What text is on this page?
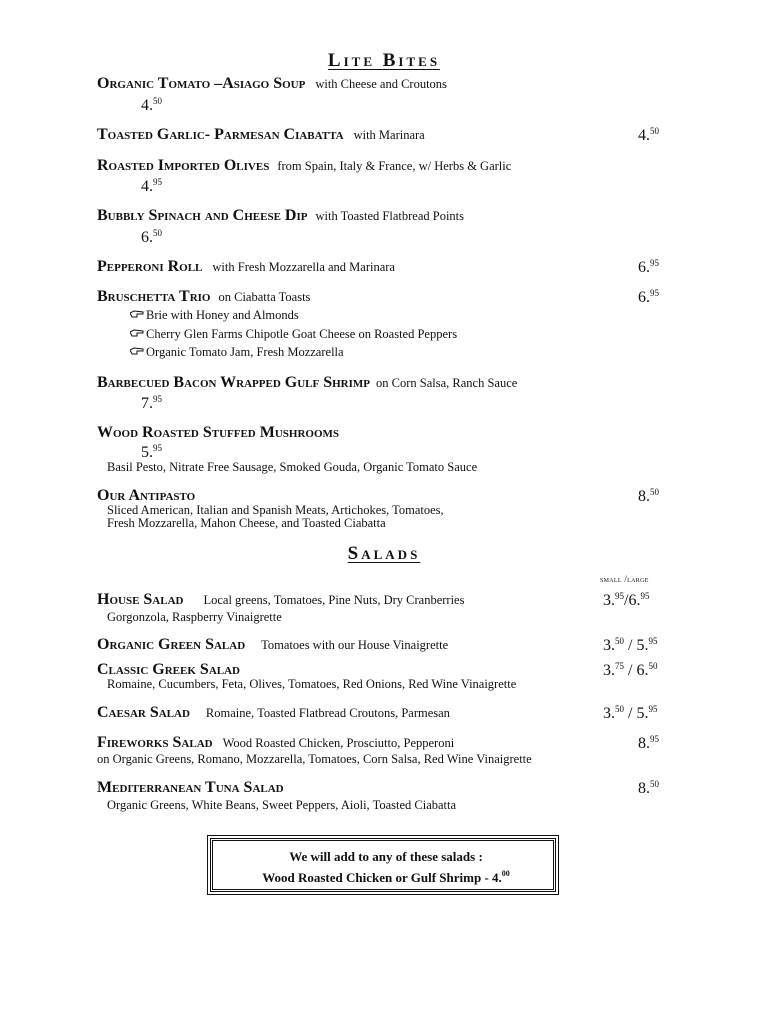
Lite Bites
Organic Tomato –Asiago Soup with Cheese and Croutons
4.50
Toasted Garlic- Parmesan Ciabatta with Marinara	4.50
Roasted Imported Olives from Spain, Italy & France, w/ Herbs & Garlic
4.95
Bubbly Spinach and Cheese Dip with Toasted Flatbread Points
6.50
Pepperoni Roll with Fresh Mozzarella and Marinara	6.95
Bruschetta Trio on Ciabatta Toasts	6.95
Brie with Honey and Almonds
Cherry Glen Farms Chipotle Goat Cheese on Roasted Peppers
Organic Tomato Jam, Fresh Mozzarella
Barbecued Bacon Wrapped Gulf Shrimp on Corn Salsa, Ranch Sauce
7.95
Wood Roasted Stuffed Mushrooms
5.95
Basil Pesto, Nitrate Free Sausage, Smoked Gouda, Organic Tomato Sauce
Our Antipasto	8.50
Sliced American, Italian and Spanish Meats, Artichokes, Tomatoes,
Fresh Mozzarella, Mahon Cheese, and Toasted Ciabatta
Salads
small /large
House Salad Local greens, Tomatoes, Pine Nuts, Dry Cranberries	3.95/6.95
Gorgonzola, Raspberry Vinaigrette
Organic Green Salad Tomatoes with our House Vinaigrette	3.50 / 5.95
Classic Greek Salad	3.75 / 6.50
Romaine, Cucumbers, Feta, Olives, Tomatoes, Red Onions, Red Wine Vinaigrette
Caesar Salad Romaine, Toasted Flatbread Croutons, Parmesan	3.50 / 5.95
Fireworks Salad Wood Roasted Chicken, Prosciutto, Pepperoni	8.95
on Organic Greens, Romano, Mozzarella, Tomatoes, Corn Salsa, Red Wine Vinaigrette
Mediterranean Tuna Salad	8.50
Organic Greens, White Beans, Sweet Peppers, Aioli, Toasted Ciabatta
We will add to any of these salads :
Wood Roasted Chicken or Gulf Shrimp - 4.00
